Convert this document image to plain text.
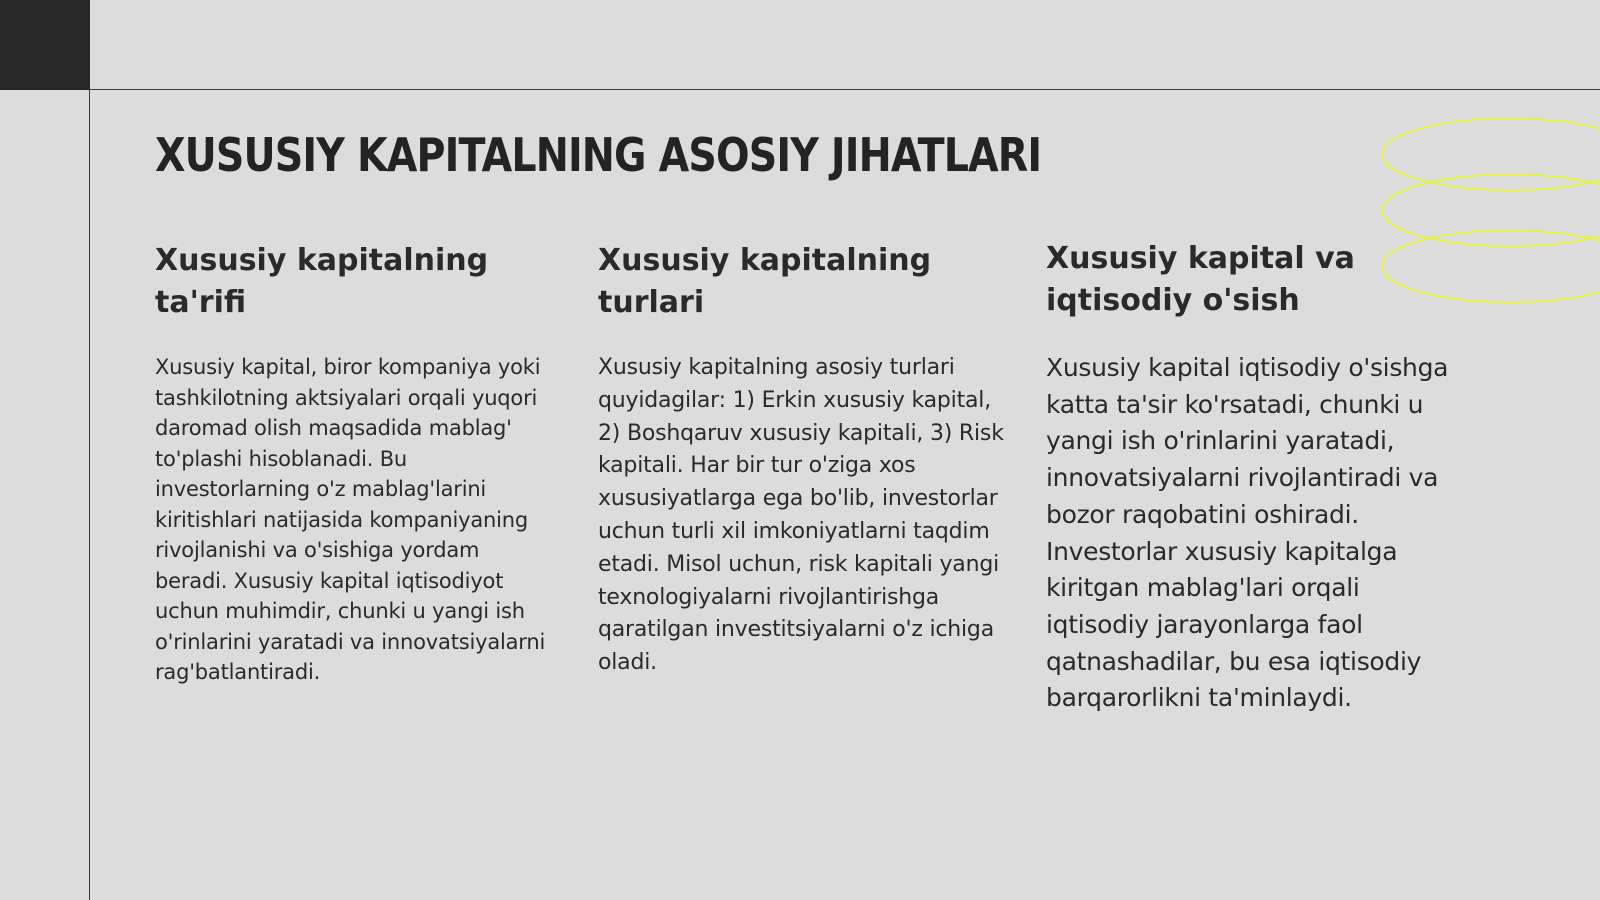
XUSUSIY KAPITALNING ASOSIY JIHATLARI
Xususiy kapitalning ta'rifi

Xususiy kapital, biror kompaniya yoki tashkilotning aktsiyalari orqali yuqori daromad olish maqsadida mablag' to'plashi hisoblanadi. Bu investorlarning o'z mablag'larini kiritishlari natijasida kompaniyaning rivojlanishi va o'sishiga yordam beradi. Xususiy kapital iqtisodiyot uchun muhimdir, chunki u yangi ish o'rinlarini yaratadi va innovatsiyalarni rag'batlantiradi.

Xususiy kapitalning turlari

Xususiy kapitalning asosiy turlari quyidagilar: 1) Erkin xususiy kapital, 2) Boshqaruv xususiy kapitali, 3) Risk kapitali. Har bir tur o'ziga xos xususiyatlarga ega bo'lib, investorlar uchun turli xil imkoniyatlarni taqdim etadi. Misol uchun, risk kapitali yangi texnologiyalarni rivojlantirishga qaratilgan investitsiyalarni o'z ichiga oladi.

Xususiy kapital va iqtisodiy o'sish

Xususiy kapital iqtisodiy o'sishga katta ta'sir ko'rsatadi, chunki u yangi ish o'rinlarini yaratadi, innovatsiyalarni rivojlantiradi va bozor raqobatini oshiradi. Investorlar xususiy kapitalga kiritgan mablag'lari orqali iqtisodiy jarayonlarga faol qatnashadilar, bu esa iqtisodiy barqarorlikni ta'minlaydi.
